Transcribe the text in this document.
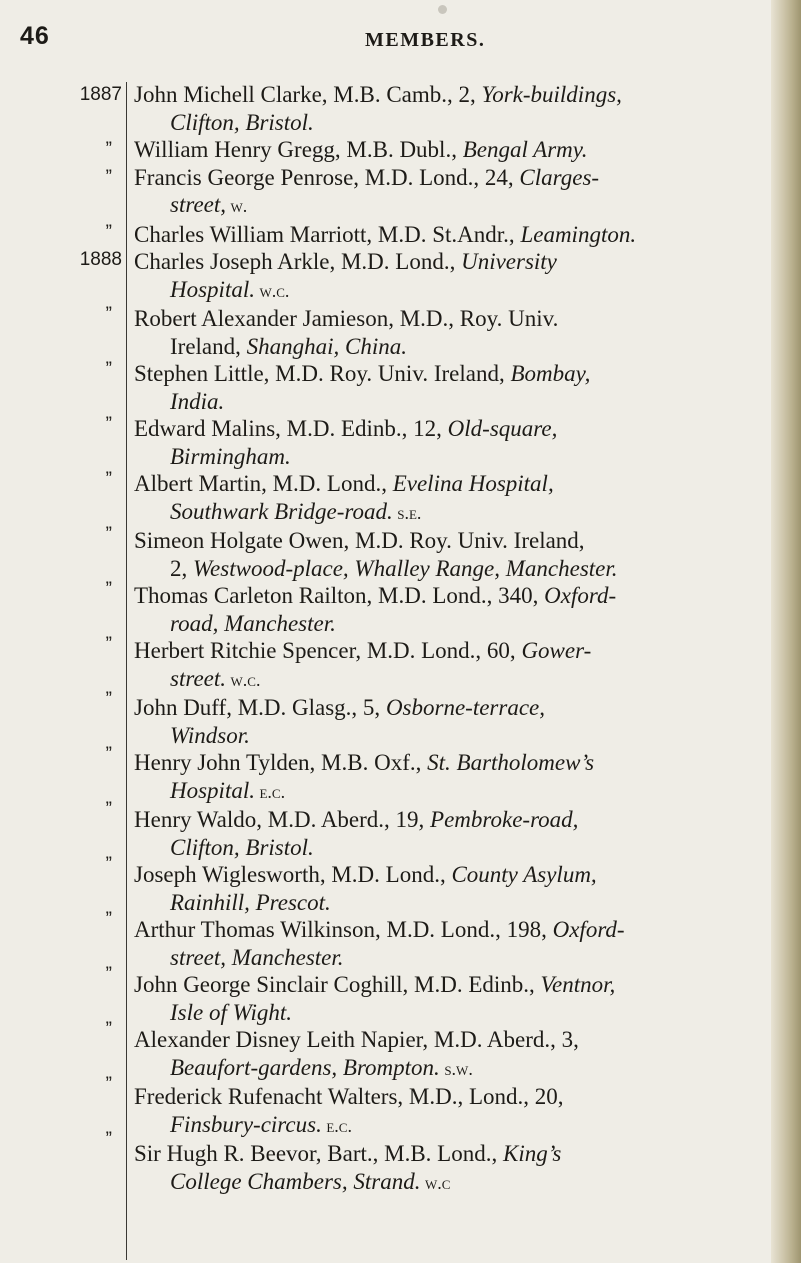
46	MEMBERS.
1887
”
”
”
1888
”
”
”
”
”
”
”
”
”
”
”
”
”
”
”
”

John Michell Clarke, M.B. Camb., 2, York-buildings,
Clifton, Bristol.

William Henry Gregg, M.B. Dubl., Bengal Army.

Francis George Penrose, M.D. Lond., 24, Clarges-
street, w.

Charles William Marriott, M.D. St.Andr., Leamington.

Charles Joseph Arkle, M.D. Lond., University
Hospital. w.c.

Robert Alexander Jamieson, M.D., Roy. Univ.
Ireland, Shanghai, China.

Stephen Little, M.D. Roy. Univ. Ireland, Bombay,
India.

Edward Malins, M.D. Edinb., 12, Old-square,
Birmingham.

Albert Martin, M.D. Lond., Evelina Hospital,
Southwark Bridge-road. s.e.

Simeon Holgate Owen, M.D. Roy. Univ. Ireland,
2, Westwood-place, Whalley Range, Manchester.

Thomas Carleton Railton, M.D. Lond., 340, Oxford-
road, Manchester.

Herbert Ritchie Spencer, M.D. Lond., 60, Gower-
street. w.c.

John Duff, M.D. Glasg., 5, Osborne-terrace,
Windsor.

Henry John Tylden, M.B. Oxf., St. Bartholomew’s
Hospital. e.c.

Henry Waldo, M.D. Aberd., 19, Pembroke-road,
Clifton, Bristol.

Joseph Wiglesworth, M.D. Lond., County Asylum,
Rainhill, Prescot.

Arthur Thomas Wilkinson, M.D. Lond., 198, Oxford-
street, Manchester.

John George Sinclair Coghill, M.D. Edinb., Ventnor,
Isle of Wight.

Alexander Disney Leith Napier, M.D. Aberd., 3,
Beaufort-gardens, Brompton. s.w.

Frederick Rufenacht Walters, M.D., Lond., 20,
Finsbury-circus. e.c.

Sir Hugh R. Beevor, Bart., M.B. Lond., King’s
College Chambers, Strand. w.c
